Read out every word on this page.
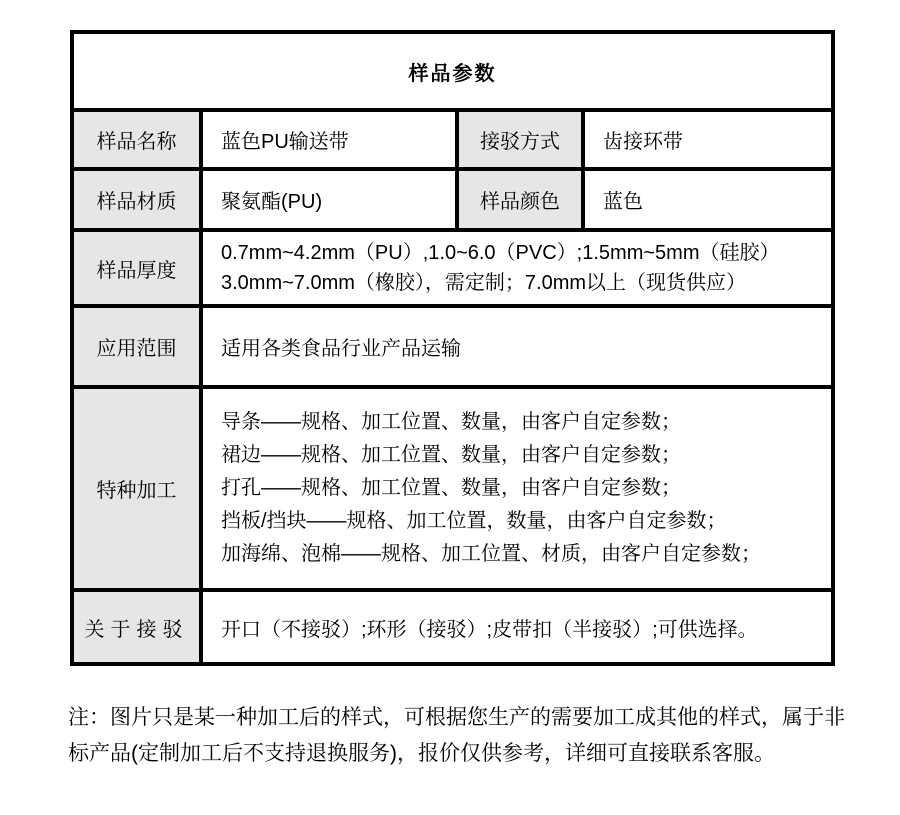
样品参数			
样品名称	蓝色PU输送带	接驳方式	齿接环带
样品材质	聚氨酯(PU)	样品颜色	蓝色
样品厚度	0.7mm~4.2mm（PU）,1.0~6.0（PVC）;1.5mm~5mm（硅胶）
3.0mm~7.0mm（橡胶），需定制；7.0mm以上（现货供应）		

应用范围	适用各类食品行业产品运输		
特种加工	导条——规格、加工位置、数量，由客户自定参数；
裙边——规格、加工位置、数量，由客户自定参数；
打孔——规格、加工位置、数量，由客户自定参数；
挡板/挡块——规格、加工位置，数量，由客户自定参数；
加海绵、泡棉——规格、加工位置、材质，由客户自定参数；		

关于接驳	开口（不接驳）;环形（接驳）;皮带扣（半接驳）;可供选择。		
注：图片只是某一种加工后的样式，可根据您生产的需要加工成其他的样式，属于非标产品(定制加工后不支持退换服务)，报价仅供参考，详细可直接联系客服。
